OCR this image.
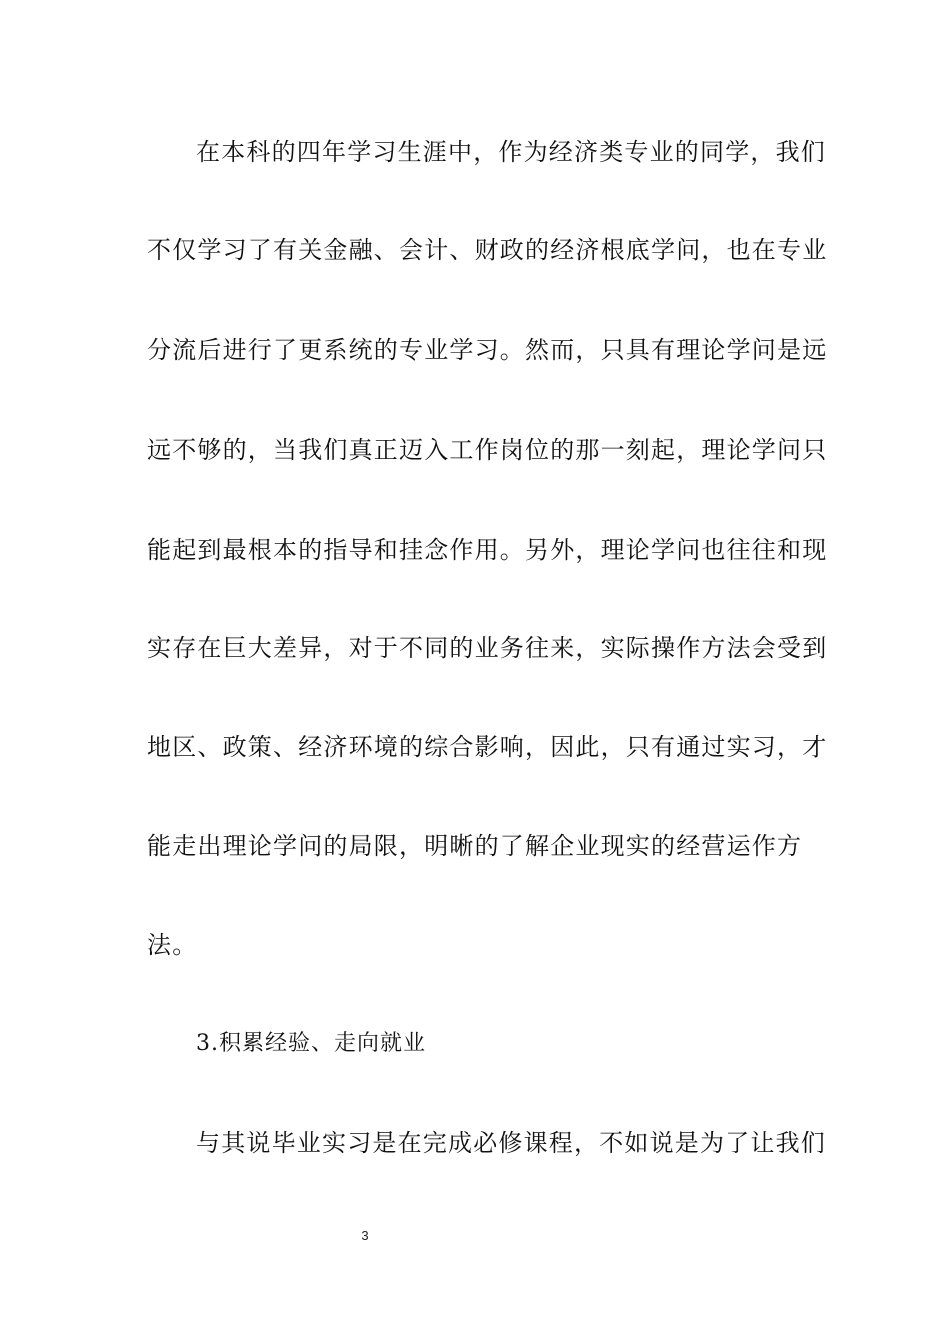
在本科的四年学习生涯中，作为经济类专业的同学，我们
不仅学习了有关金融、会计、财政的经济根底学问，也在专业
分流后进行了更系统的专业学习。然而，只具有理论学问是远
远不够的，当我们真正迈入工作岗位的那一刻起，理论学问只
能起到最根本的指导和挂念作用。另外，理论学问也往往和现
实存在巨大差异，对于不同的业务往来，实际操作方法会受到
地区、政策、经济环境的综合影响，因此，只有通过实习，才
能走出理论学问的局限，明晰的了解企业现实的经营运作方
法。
3.积累经验、走向就业
与其说毕业实习是在完成必修课程，不如说是为了让我们
3
